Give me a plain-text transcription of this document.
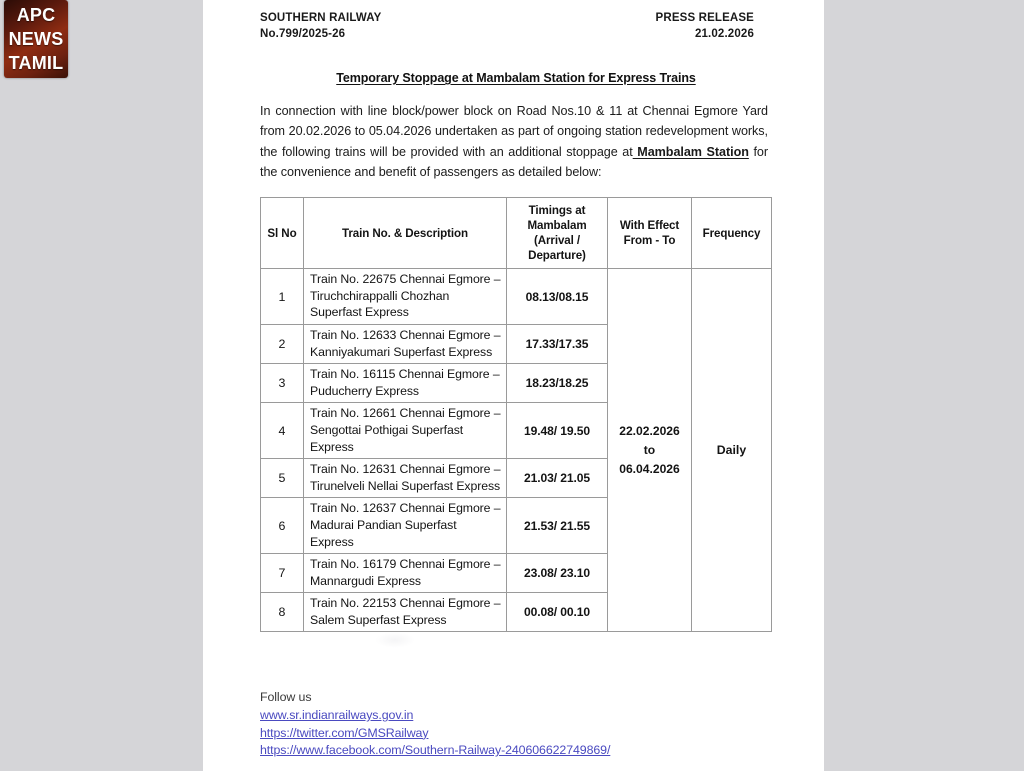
APC
NEWS
TAMIL
SOUTHERN RAILWAY
No.799/2025-26
PRESS RELEASE
21.02.2026
Temporary Stoppage at Mambalam Station for Express Trains

In connection with line block/power block on Road Nos.10 & 11 at Chennai Egmore Yard from 20.02.2026 to 05.04.2026 undertaken as part of ongoing station redevelopment works, the following trains will be provided with an additional stoppage at Mambalam Station for the convenience and benefit of passengers as detailed below:

Sl No	Train No. & Description	Timings at Mambalam (Arrival / Departure)	With Effect From - To	Frequency
1	Train No. 22675 Chennai Egmore – Tiruchchirappalli Chozhan Superfast Express	08.13/08.15	22.02.2026
to
06.04.2026	Daily
2	Train No. 12633 Chennai Egmore – Kanniyakumari Superfast Express	17.33/17.35		
3	Train No. 16115 Chennai Egmore – Puducherry Express	18.23/18.25		
4	Train No. 12661 Chennai Egmore – Sengottai Pothigai Superfast Express	19.48/ 19.50		
5	Train No. 12631 Chennai Egmore – Tirunelveli Nellai Superfast Express	21.03/ 21.05		
6	Train No. 12637 Chennai Egmore – Madurai Pandian Superfast Express	21.53/ 21.55		
7	Train No. 16179 Chennai Egmore – Mannargudi Express	23.08/ 23.10		
8	Train No. 22153 Chennai Egmore – Salem Superfast Express	00.08/ 00.10		
Follow us
www.sr.indianrailways.gov.in
https://twitter.com/GMSRailway
https://www.facebook.com/Southern-Railway-240606622749869/
